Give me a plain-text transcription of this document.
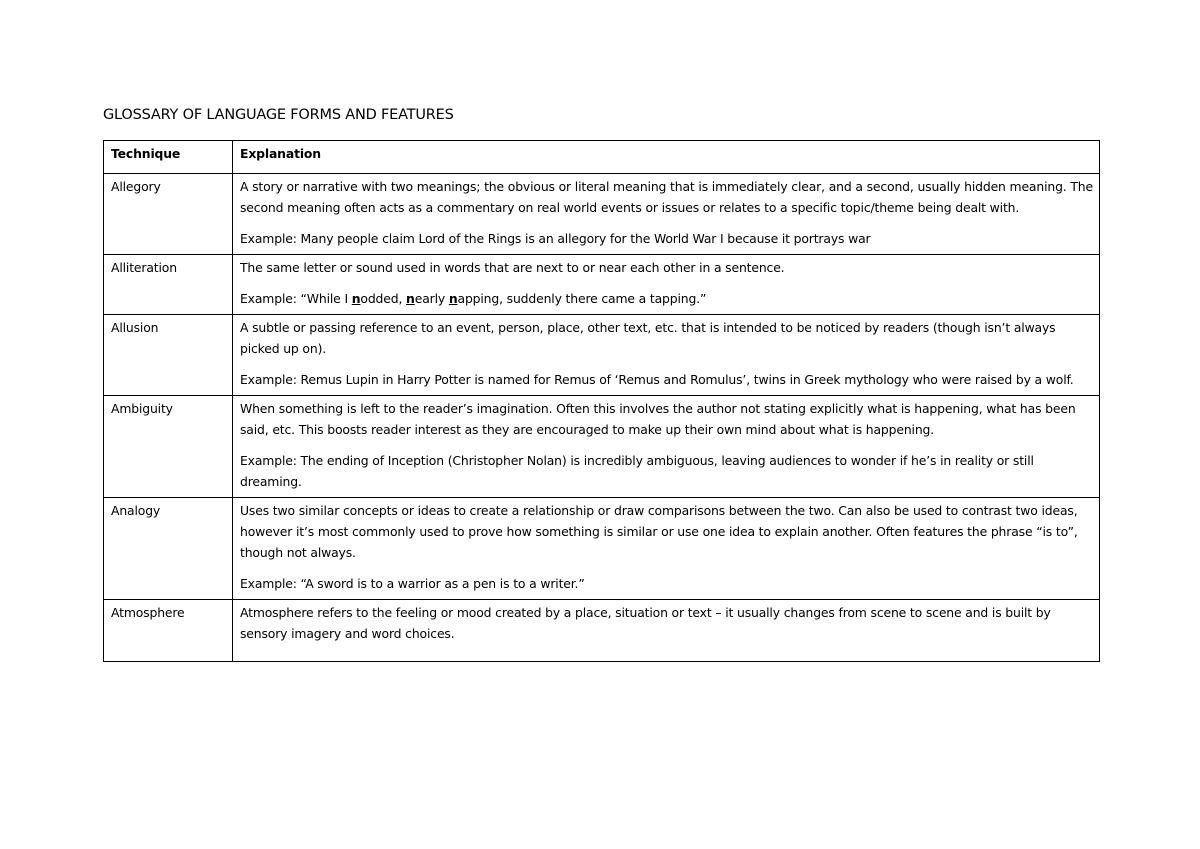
GLOSSARY OF LANGUAGE FORMS AND FEATURES
Technique	Explanation
Allegory	A story or narrative with two meanings; the obvious or literal meaning that is immediately clear, and a second, usually hidden meaning. The second meaning often acts as a commentary on real world events or issues or relates to a specific topic/theme being dealt with.

Example: Many people claim Lord of the Rings is an allegory for the World War I because it portrays war

Alliteration	The same letter or sound used in words that are next to or near each other in a sentence.

Example: “While I nodded, nearly napping, suddenly there came a tapping.”

Allusion	A subtle or passing reference to an event, person, place, other text, etc. that is intended to be noticed by readers (though isn’t always picked up on).

Example: Remus Lupin in Harry Potter is named for Remus of ‘Remus and Romulus’, twins in Greek mythology who were raised by a wolf.

Ambiguity	When something is left to the reader’s imagination. Often this involves the author not stating explicitly what is happening, what has been said, etc. This boosts reader interest as they are encouraged to make up their own mind about what is happening.

Example: The ending of Inception (Christopher Nolan) is incredibly ambiguous, leaving audiences to wonder if he’s in reality or still dreaming.

Analogy	Uses two similar concepts or ideas to create a relationship or draw comparisons between the two. Can also be used to contrast two ideas, however it’s most commonly used to prove how something is similar or use one idea to explain another. Often features the phrase “is to”, though not always.

Example: “A sword is to a warrior as a pen is to a writer.”

Atmosphere	Atmosphere refers to the feeling or mood created by a place, situation or text – it usually changes from scene to scene and is built by sensory imagery and word choices.
